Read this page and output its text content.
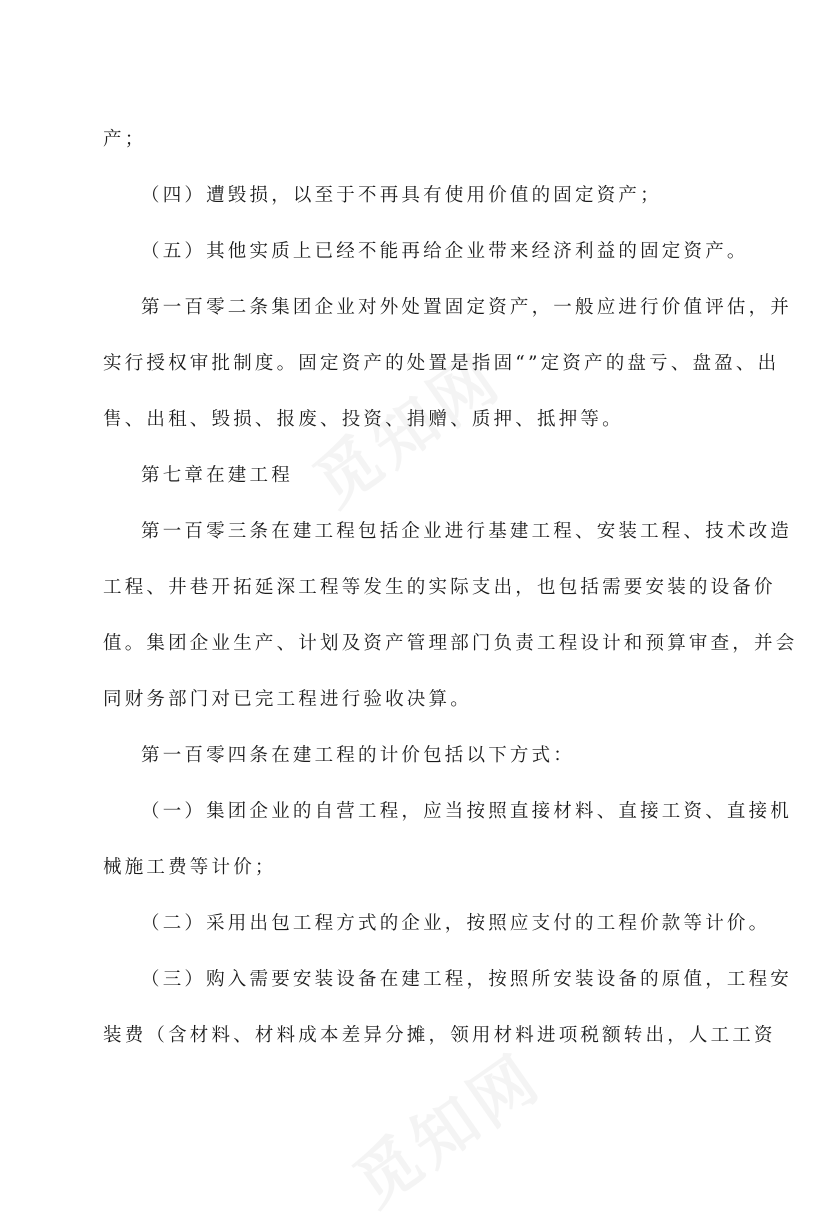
产；
（四）遭毁损，以至于不再具有使用价值的固定资产；
（五）其他实质上已经不能再给企业带来经济利益的固定资产。
第一百零二条集团企业对外处置固定资产，一般应进行价值评估，并
实行授权审批制度。固定资产的处置是指固“”定资产的盘亏、盘盈、出
售、出租、毁损、报废、投资、捐赠、质押、抵押等。
第七章在建工程
第一百零三条在建工程包括企业进行基建工程、安装工程、技术改造
工程、井巷开拓延深工程等发生的实际支出，也包括需要安装的设备价
值。集团企业生产、计划及资产管理部门负责工程设计和预算审查，并会
同财务部门对已完工程进行验收决算。
第一百零四条在建工程的计价包括以下方式：
（一）集团企业的自营工程，应当按照直接材料、直接工资、直接机
械施工费等计价；
（二）采用出包工程方式的企业，按照应支付的工程价款等计价。
（三）购入需要安装设备在建工程，按照所安装设备的原值，工程安
装费（含材料、材料成本差异分摊，领用材料进项税额转出，人工工资
